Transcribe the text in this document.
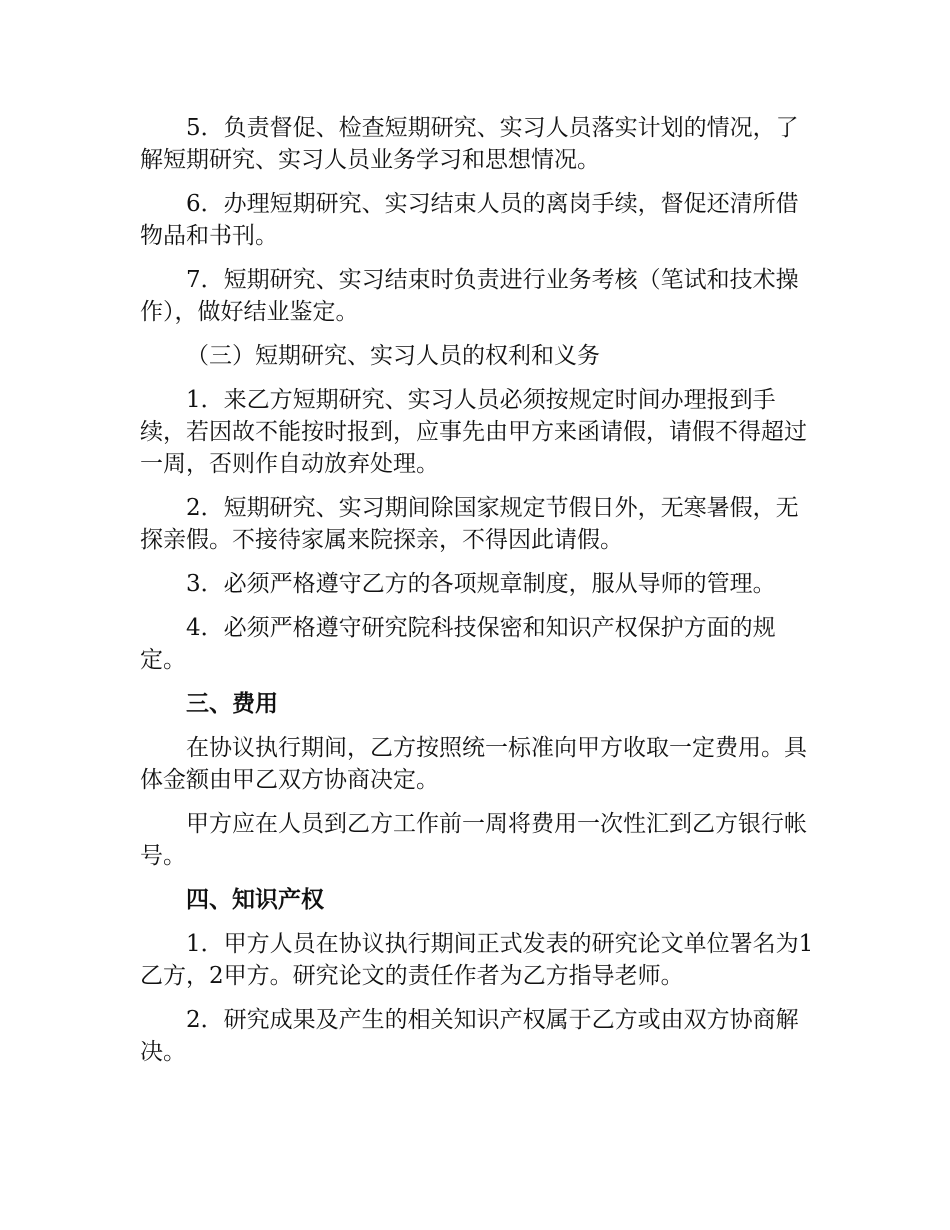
5．负责督促、检查短期研究、实习人员落实计划的情况，了解短期研究、实习人员业务学习和思想情况。

6．办理短期研究、实习结束人员的离岗手续，督促还清所借物品和书刊。

7．短期研究、实习结束时负责进行业务考核（笔试和技术操作），做好结业鉴定。

（三）短期研究、实习人员的权利和义务

1．来乙方短期研究、实习人员必须按规定时间办理报到手续，若因故不能按时报到，应事先由甲方来函请假，请假不得超过一周，否则作自动放弃处理。

2．短期研究、实习期间除国家规定节假日外，无寒暑假，无探亲假。不接待家属来院探亲，不得因此请假。

3．必须严格遵守乙方的各项规章制度，服从导师的管理。

4．必须严格遵守研究院科技保密和知识产权保护方面的规定。

三、费用

在协议执行期间，乙方按照统一标准向甲方收取一定费用。具体金额由甲乙双方协商决定。

甲方应在人员到乙方工作前一周将费用一次性汇到乙方银行帐号。

四、知识产权

1．甲方人员在协议执行期间正式发表的研究论文单位署名为1乙方，2甲方。研究论文的责任作者为乙方指导老师。

2．研究成果及产生的相关知识产权属于乙方或由双方协商解决。
